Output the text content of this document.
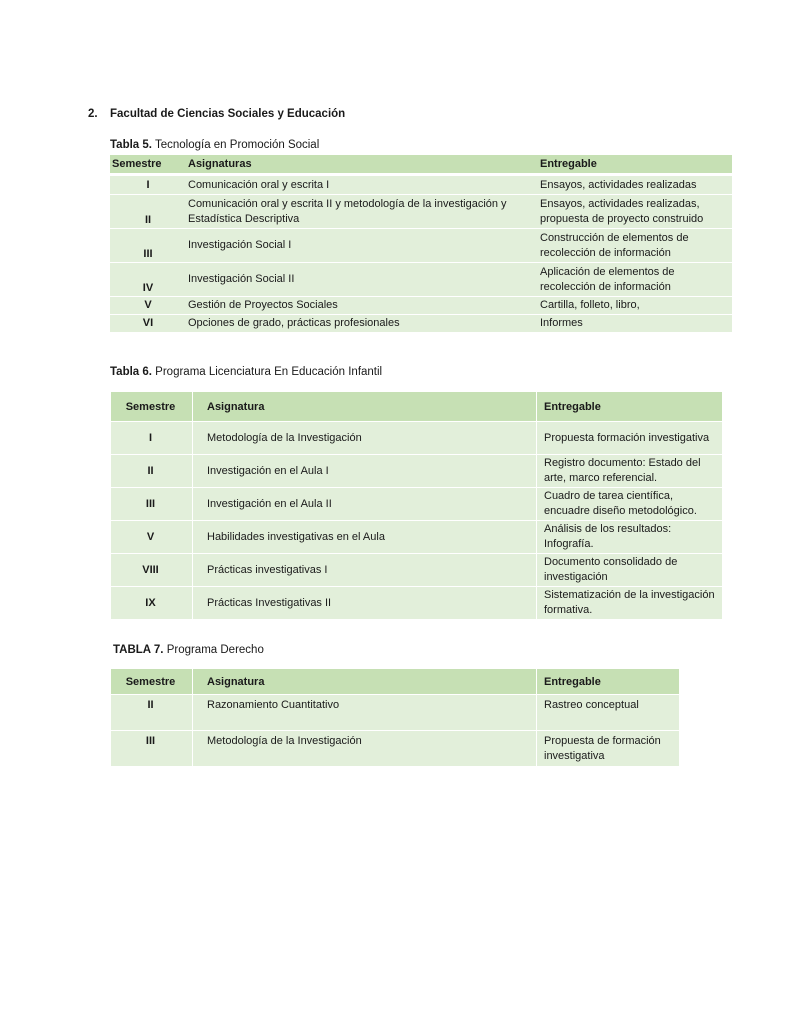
2. Facultad de Ciencias Sociales y Educación
Tabla 5. Tecnología en Promoción Social
Semestre	Asignaturas	Entregable
I	Comunicación oral y escrita I	Ensayos, actividades realizadas
II	Comunicación oral y escrita II y metodología de la investigación y Estadística Descriptiva	Ensayos, actividades realizadas, propuesta de proyecto construido
III	Investigación Social I	Construcción de elementos de recolección de información
IV	Investigación Social II	Aplicación de elementos de recolección de información
V	Gestión de Proyectos Sociales	Cartilla, folleto, libro,
VI	Opciones de grado, prácticas profesionales	Informes
Tabla 6. Programa Licenciatura En Educación Infantil
Semestre	Asignatura	Entregable
I	Metodología de la Investigación	Propuesta formación investigativa
II	Investigación en el Aula I	Registro documento: Estado del arte, marco referencial.
III	Investigación en el Aula II	Cuadro de tarea científica, encuadre diseño metodológico.
V	Habilidades investigativas en el Aula	Análisis de los resultados: Infografía.
VIII	Prácticas investigativas I	Documento consolidado de investigación
IX	Prácticas Investigativas II	Sistematización de la investigación formativa.
TABLA 7. Programa Derecho
Semestre	Asignatura	Entregable
II	Razonamiento Cuantitativo	Rastreo conceptual
III	Metodología de la Investigación	Propuesta de formación investigativa
